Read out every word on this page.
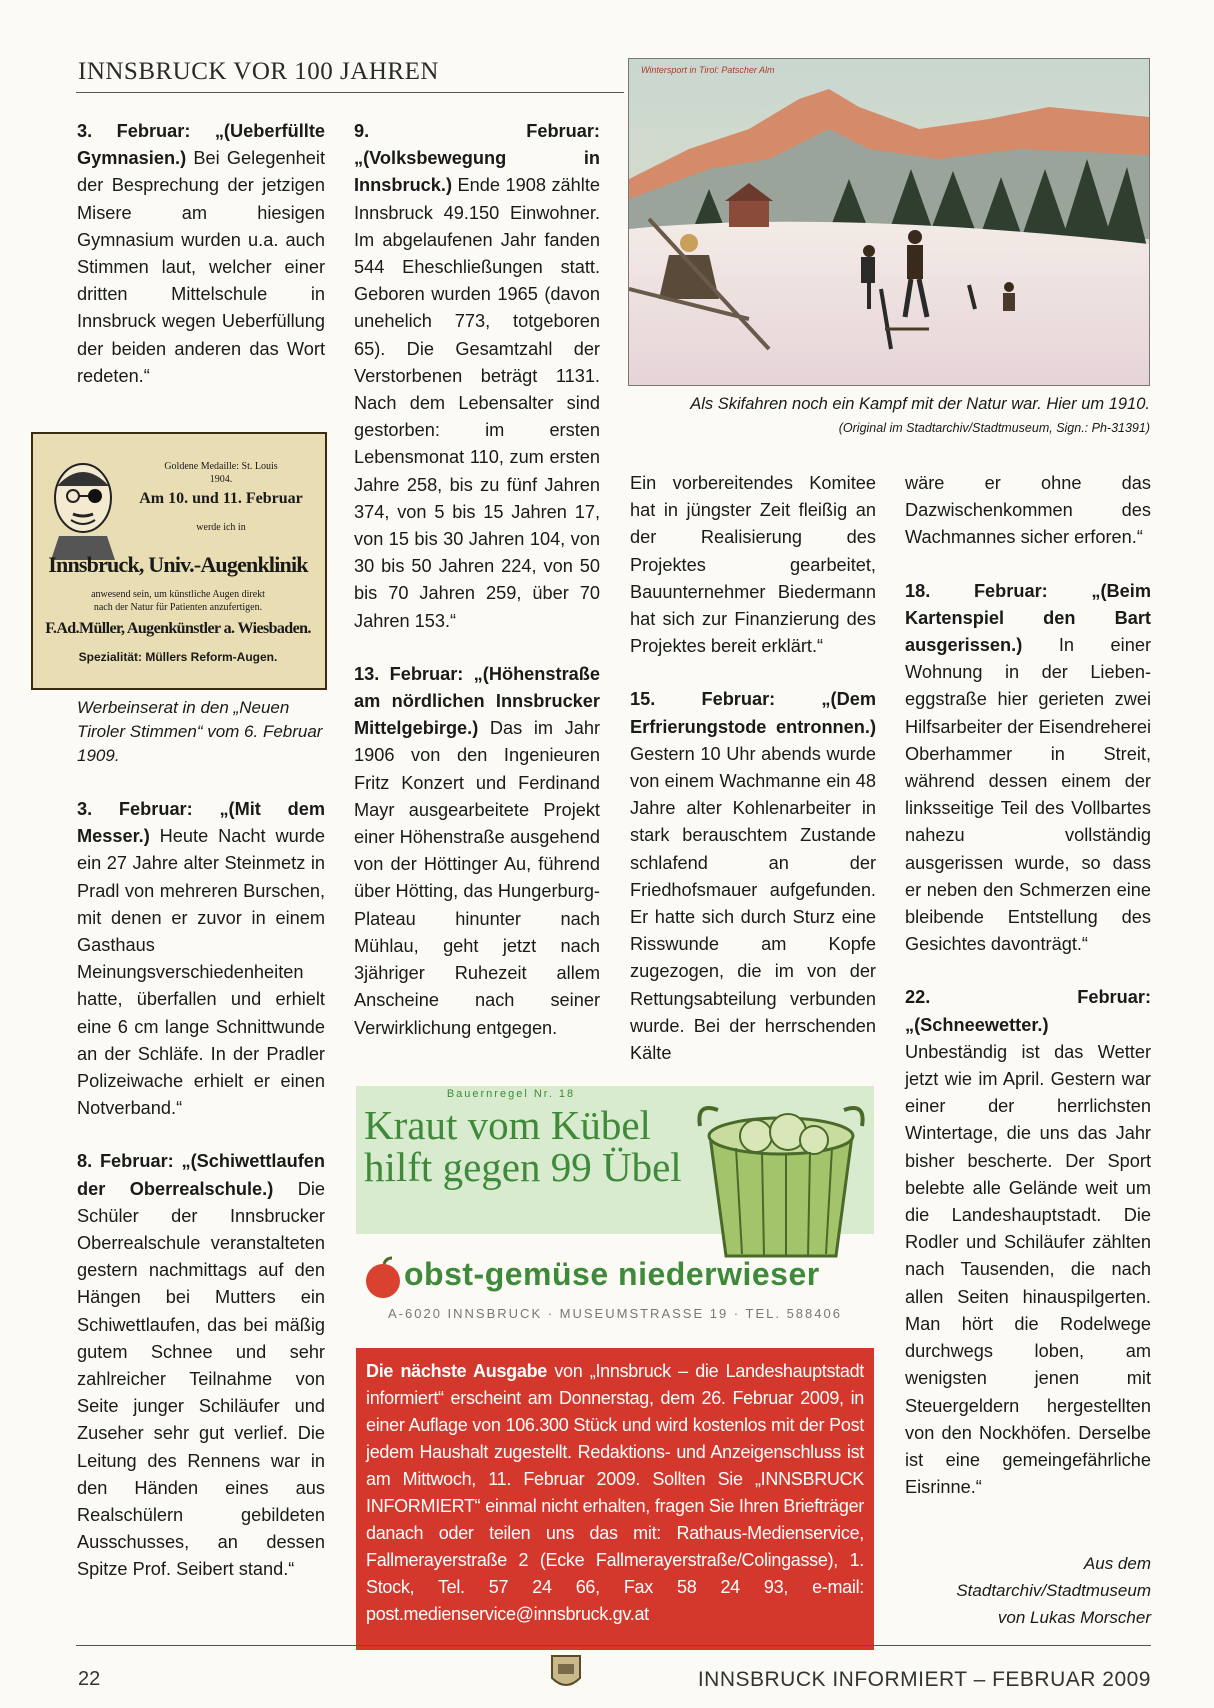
INNSBRUCK VOR 100 JAHREN

3. Februar: „(Ueberfüllte Gymnasien.) Bei Gelegenheit der Besprechung der jetzigen Misere am hiesigen Gymnasium wurden u.a. auch Stimmen laut, welcher einer dritten Mittelschule in Innsbruck wegen Ueberfüllung der beiden anderen das Wort redeten.“

Goldene Medaille: St. Louis
1904.
Am 10. und 11. Februar
werde ich in
Innsbruck, Univ.-Augenklinik
anwesend sein, um künstliche Augen direkt
nach der Natur für Patienten anzufertigen.
F.Ad.Müller, Augenkünstler a. Wiesbaden.
Spezialität: Müllers Reform-Augen.
Werbeinserat in den „Neuen Tiroler Stimmen“ vom 6. Februar 1909.

3. Februar: „(Mit dem Messer.) Heute Nacht wurde ein 27 Jahre alter Steinmetz in Pradl von mehreren Burschen, mit denen er zuvor in einem Gasthaus Meinungsverschiedenheiten hatte, überfallen und erhielt eine 6 cm lange Schnittwunde an der Schläfe. In der Pradler Polizeiwache erhielt er einen Notverband.“

8. Februar: „(Schiwettlaufen der Oberrealschule.) Die Schüler der Innsbrucker Oberrealschule veranstalteten gestern nachmittags auf den Hängen bei Mutters ein Schiwettlaufen, das bei mäßig gutem Schnee und sehr zahlreicher Teilnahme von Seite junger Schiläufer und Zuseher sehr gut verlief. Die Leitung des Rennens war in den Händen eines aus Realschülern gebildeten Ausschusses, an dessen Spitze Prof. Seibert stand.“

9. Februar: „(Volksbewegung in Innsbruck.) Ende 1908 zählte Innsbruck 49.150 Einwohner. Im abgelaufenen Jahr fanden 544 Eheschließungen statt. Geboren wurden 1965 (davon unehelich 773, totgeboren 65). Die Gesamtzahl der Verstorbenen beträgt 1131. Nach dem Lebensalter sind gestorben: im ersten Lebensmonat 110, zum ersten Jahre 258, bis zu fünf Jahren 374, von 5 bis 15 Jahren 17, von 15 bis 30 Jahren 104, von 30 bis 50 Jahren 224, von 50 bis 70 Jahren 259, über 70 Jahren 153.“

13. Februar: „(Höhenstraße am nördlichen Innsbrucker Mittelgebirge.) Das im Jahr 1906 von den Ingenieuren Fritz Konzert und Ferdinand Mayr ausgearbeitete Projekt einer Höhenstraße ausgehend von der Höttinger Au, führend über Hötting, das Hungerburg-Plateau hinunter nach Mühlau, geht jetzt nach 3jähriger Ruhezeit allem Anscheine nach seiner Verwirklichung entgegen.

Wintersport in Tirol: Patscher Alm
Als Skifahren noch ein Kampf mit der Natur war. Hier um 1910.
(Original im Stadtarchiv/Stadtmuseum, Sign.: Ph-31391)

Ein vorbereitendes Komitee hat in jüngster Zeit fleißig an der Realisierung des Projektes gearbeitet, Bauunternehmer Biedermann hat sich zur Finanzierung des Projektes bereit erklärt.“

15. Februar: „(Dem Erfrierungstode entronnen.) Gestern 10 Uhr abends wurde von einem Wachmanne ein 48 Jahre alter Kohlenarbeiter in stark berauschtem Zustande schlafend an der Friedhofsmauer aufgefunden. Er hatte sich durch Sturz eine Risswunde am Kopfe zugezogen, die im von der Rettungsabteilung verbunden wurde. Bei der herrschenden Kälte

wäre er ohne das Dazwischenkommen des Wachmannes sicher erforen.“

18. Februar: „(Beim Kartenspiel den Bart ausgerissen.) In einer Wohnung in der Liebeneggstraße hier gerieten zwei Hilfsarbeiter der Eisendreherei Oberhammer in Streit, während dessen einem der linksseitige Teil des Vollbartes nahezu vollständig ausgerissen wurde, so dass er neben den Schmerzen eine bleibende Entstellung des Gesichtes davonträgt.“

22. Februar: „(Schneewetter.) Unbeständig ist das Wetter jetzt wie im April. Gestern war einer der herrlichsten Wintertage, die uns das Jahr bisher bescherte. Der Sport belebte alle Gelände weit um die Landeshauptstadt. Die Rodler und Schiläufer zählten nach Tausenden, die nach allen Seiten hinauspilgerten. Man hört die Rodelwege durchwegs loben, am wenigsten jenen mit Steuergeldern hergestellten von den Nockhöfen. Derselbe ist eine gemeingefährliche Eisrinne.“

Aus dem
Stadtarchiv/Stadtmuseum
von Lukas Morscher
Bauernregel Nr. 18
Kraut vom Kübel
hilft gegen 99 Übel
obst-gemüse niederwieser
A-6020 INNSBRUCK · MUSEUMSTRASSE 19 · TEL. 588406
Die nächste Ausgabe von „Innsbruck – die Landeshauptstadt informiert“ erscheint am Donnerstag, dem 26. Februar 2009, in einer Auflage von 106.300 Stück und wird kostenlos mit der Post jedem Haushalt zugestellt. Redaktions- und Anzeigenschluss ist am Mittwoch, 11. Februar 2009. Sollten Sie „INNSBRUCK INFORMIERT“ einmal nicht erhalten, fragen Sie Ihren Briefträger danach oder teilen uns das mit: Rathaus-Medienservice, Fallmerayerstraße 2 (Ecke Fallmerayerstraße/Colingasse), 1. Stock, Tel. 57 24 66, Fax 58 24 93, e-mail: post.medienservice@innsbruck.gv.at
22	INNSBRUCK INFORMIERT – FEBRUAR 2009
